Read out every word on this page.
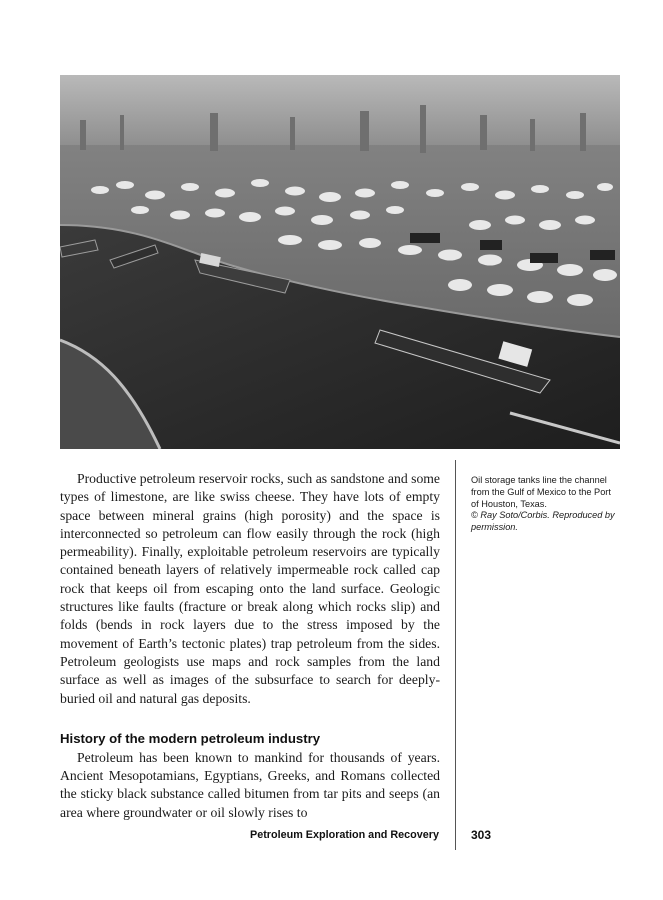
Productive petroleum reservoir rocks, such as sandstone and some types of limestone, are like swiss cheese. They have lots of empty space between mineral grains (high porosity) and the space is interconnected so petroleum can flow easily through the rock (high permeability). Finally, exploitable petroleum reservoirs are typically contained beneath layers of relatively impermeable rock called cap rock that keeps oil from escaping onto the land surface. Geologic structures like faults (fracture or break along which rocks slip) and folds (bends in rock layers due to the stress imposed by the movement of Earth’s tectonic plates) trap petroleum from the sides. Petroleum geologists use maps and rock samples from the land surface as well as images of the subsurface to search for deeply-buried oil and natural gas deposits.

History of the modern petroleum industry

Petroleum has been known to mankind for thousands of years. Ancient Mesopotamians, Egyptians, Greeks, and Romans collected the sticky black substance called bitumen from tar pits and seeps (an area where groundwater or oil slowly rises to

Oil storage tanks line the channel from the Gulf of Mexico to the Port of Houston, Texas.
© Ray Soto/Corbis. Reproduced by permission.
Petroleum Exploration and Recovery	303
